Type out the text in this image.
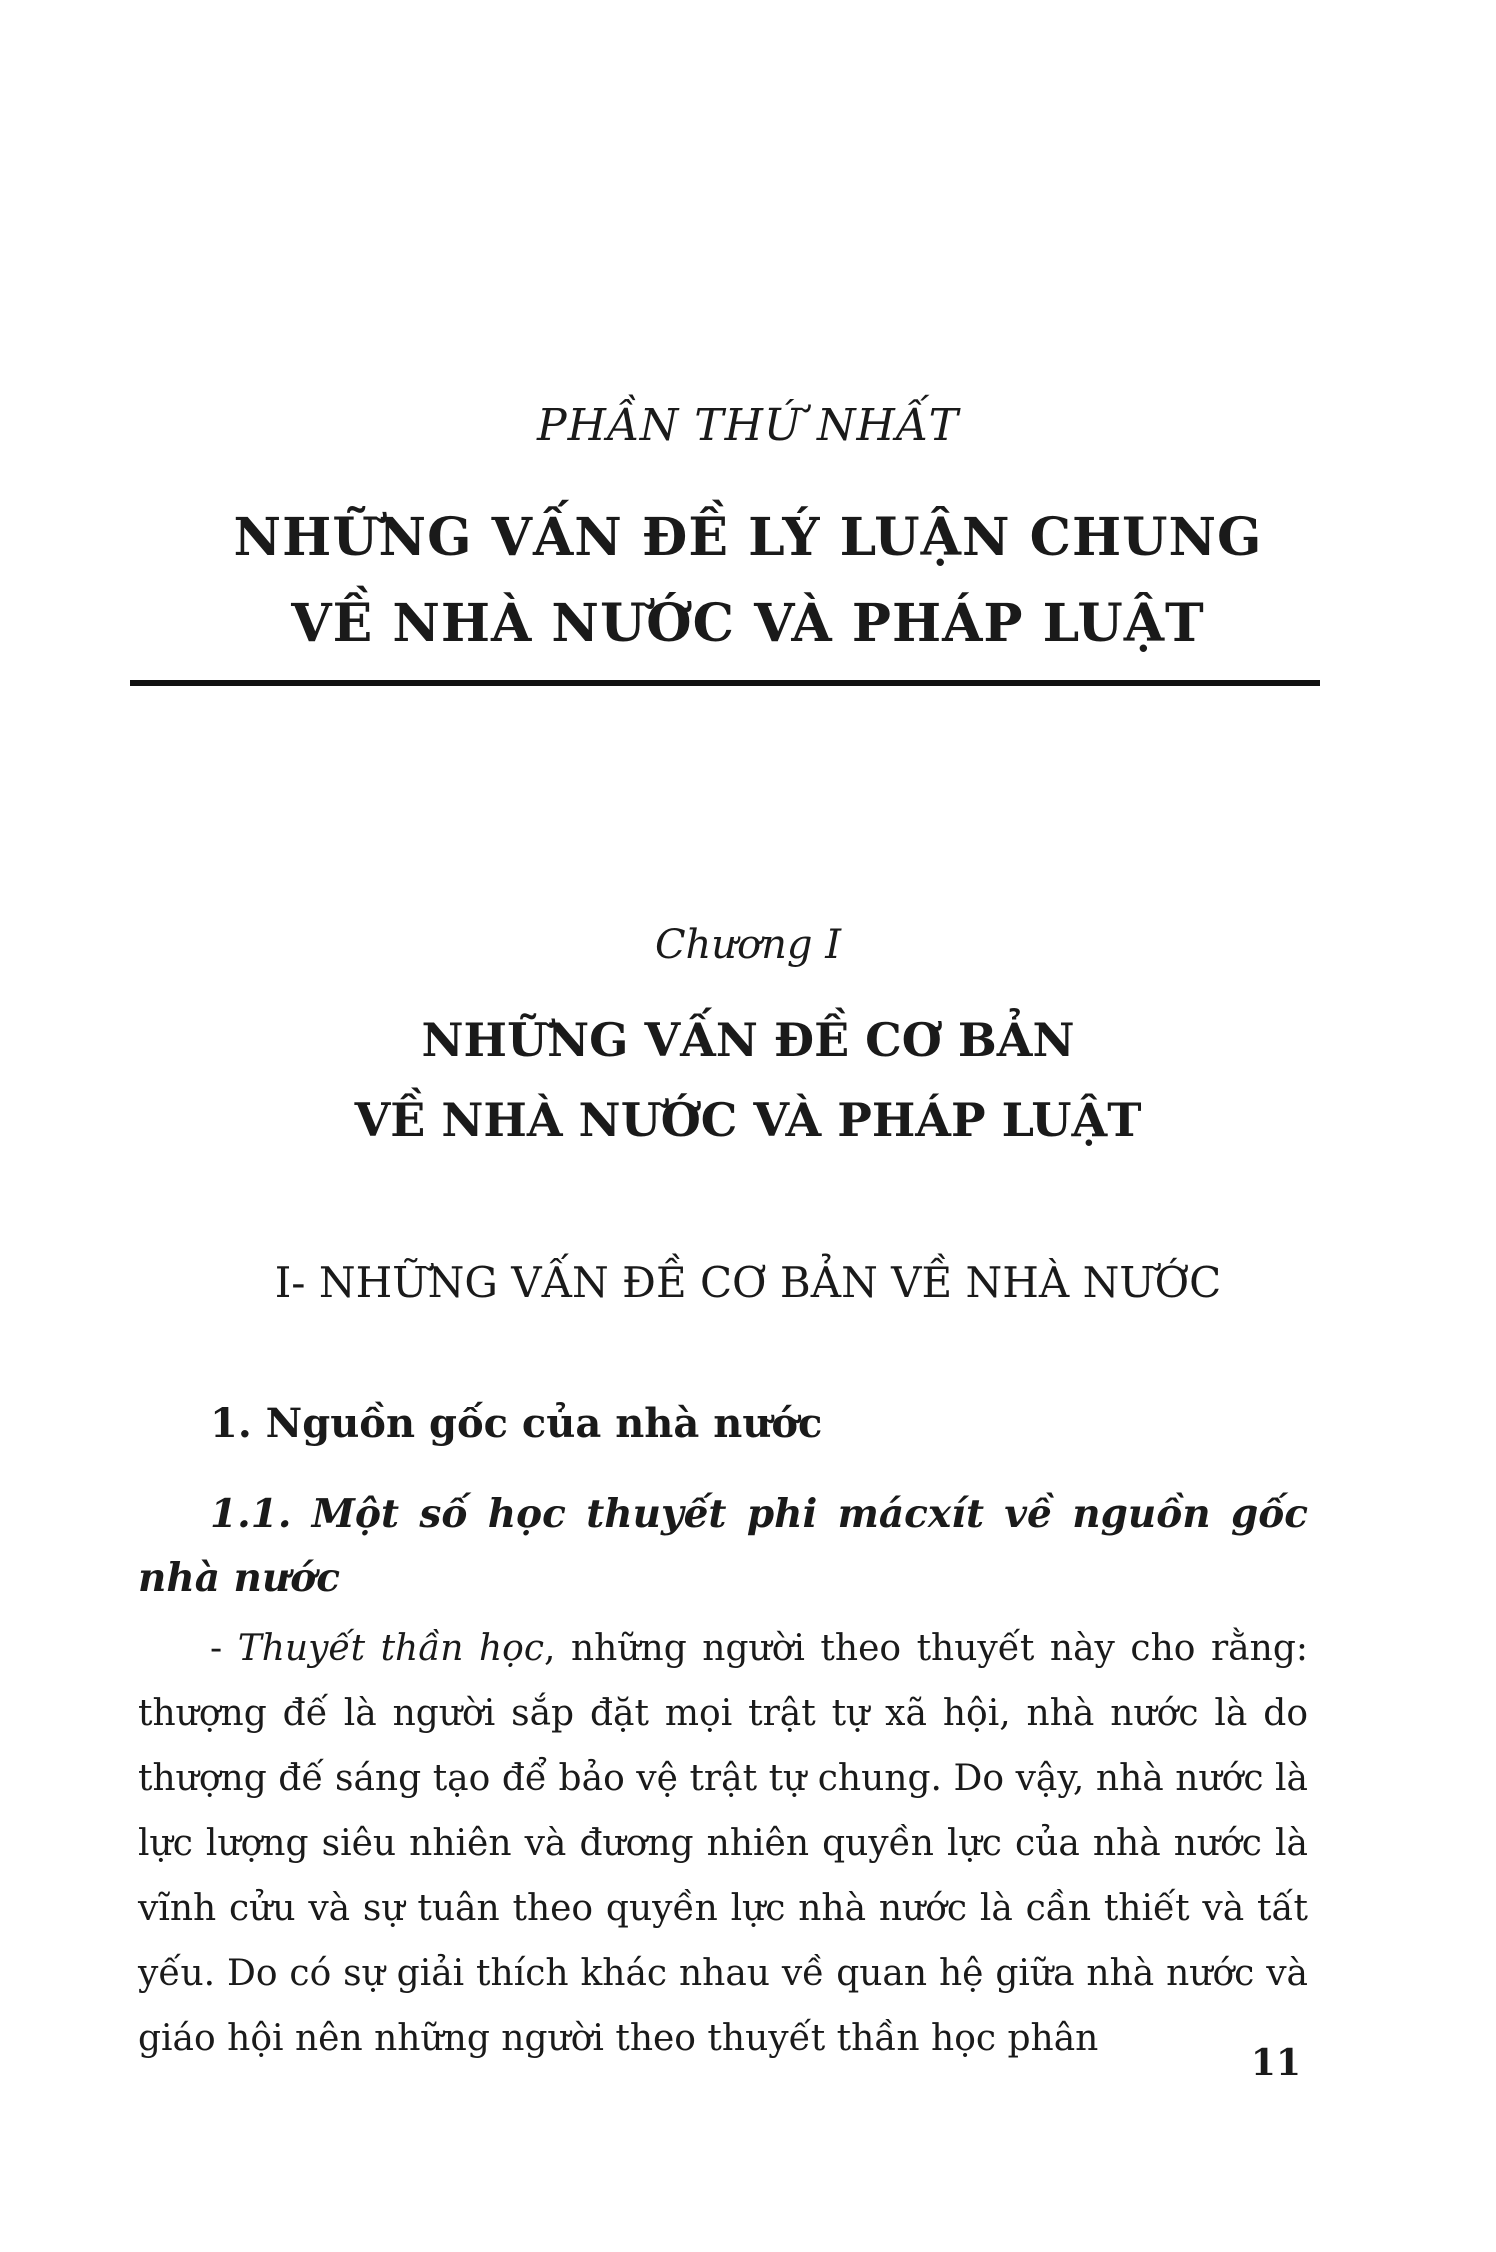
PHẦN THỨ NHẤT
NHỮNG VẤN ĐỀ LÝ LUẬN CHUNG
VỀ NHÀ NƯỚC VÀ PHÁP LUẬT
Chương I
NHỮNG VẤN ĐỀ CƠ BẢN
VỀ NHÀ NƯỚC VÀ PHÁP LUẬT
I- NHỮNG VẤN ĐỀ CƠ BẢN VỀ NHÀ NƯỚC
1. Nguồn gốc của nhà nước
1.1. Một số học thuyết phi mácxít về nguồn gốc nhà nước

- Thuyết thần học, những người theo thuyết này cho rằng: thượng đế là người sắp đặt mọi trật tự xã hội, nhà nước là do thượng đế sáng tạo để bảo vệ trật tự chung. Do vậy, nhà nước là lực lượng siêu nhiên và đương nhiên quyền lực của nhà nước là vĩnh cửu và sự tuân theo quyền lực nhà nước là cần thiết và tất yếu. Do có sự giải thích khác nhau về quan hệ giữa nhà nước và giáo hội nên những người theo thuyết thần học phân

11
